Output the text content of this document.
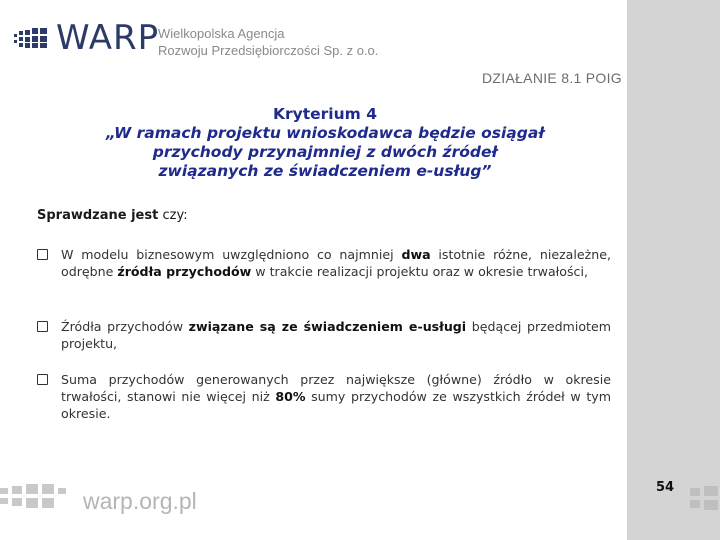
WARP
Wielkopolska Agencja
Rozwoju Przedsiębiorczości Sp. z o.o.
DZIAŁANIE 8.1 POIG
Kryterium 4
„W ramach projektu wnioskodawca będzie osiągał
przychody przynajmniej z dwóch źródeł
związanych ze świadczeniem e-usług”
Sprawdzane jest czy:
W modelu biznesowym uwzględniono co najmniej dwa istotnie różne, niezależne, odrębne źródła przychodów w trakcie realizacji projektu oraz w okresie trwałości,
Źródła przychodów związane są ze świadczeniem e-usługi będącej przedmiotem projektu,
Suma przychodów generowanych przez największe (główne) źródło w okresie trwałości, stanowi nie więcej niż 80% sumy przychodów ze wszystkich źródeł w tym okresie.
warp.org.pl
54
